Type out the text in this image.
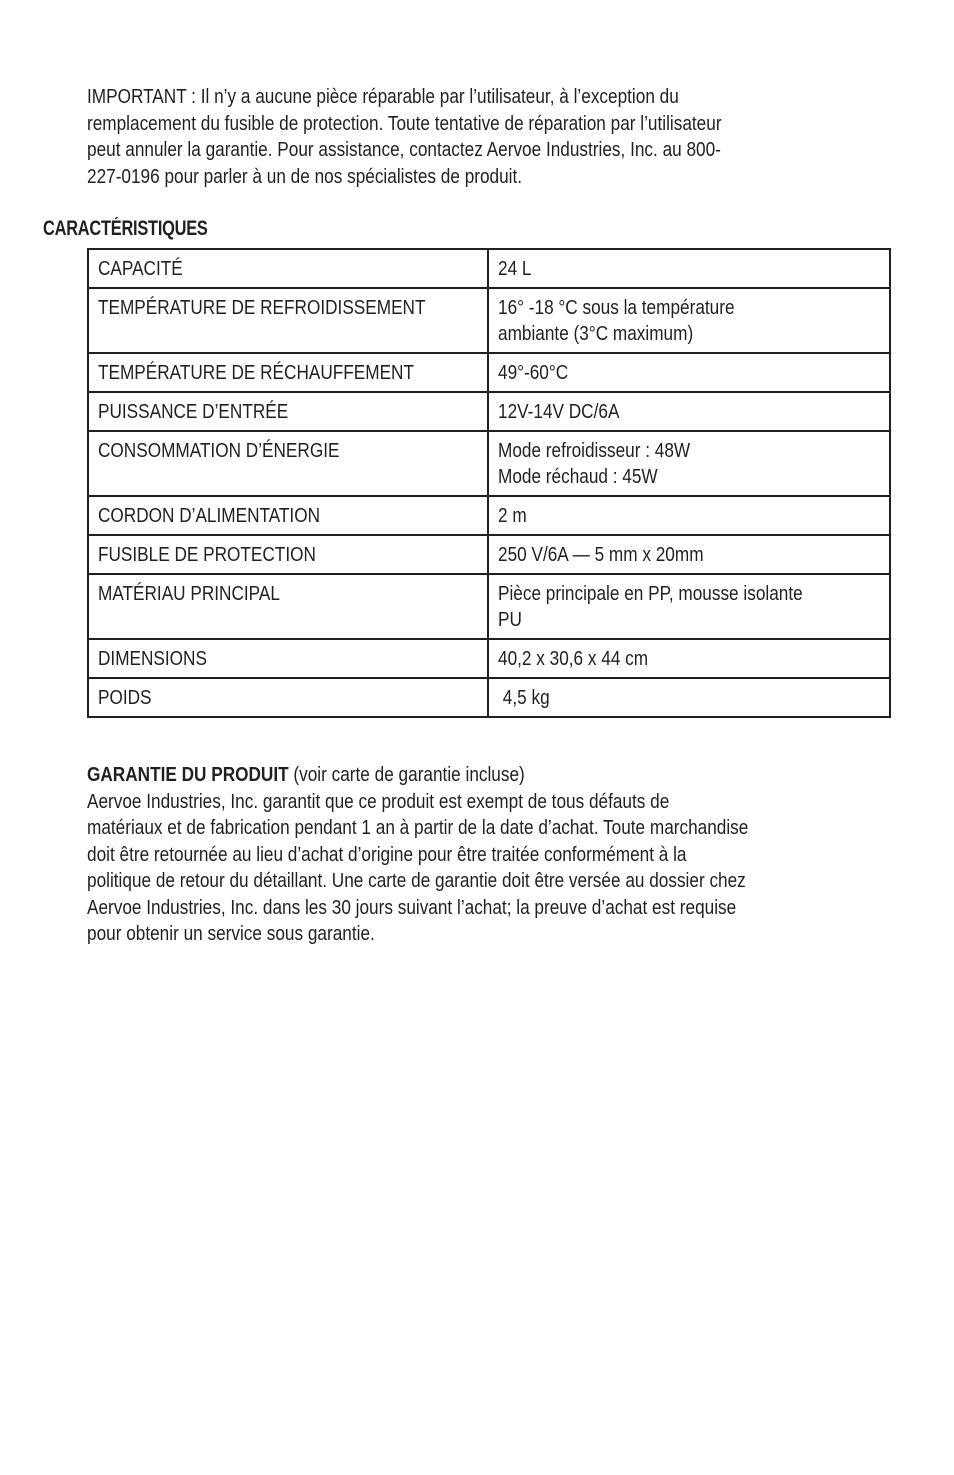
IMPORTANT : Il n’y a aucune pièce réparable par l’utilisateur, à l’exception du
remplacement du fusible de protection. Toute tentative de réparation par l’utilisateur
peut annuler la garantie. Pour assistance, contactez Aervoe Industries, Inc. au 800-
227-0196 pour parler à un de nos spécialistes de produit.
CARACTÉRISTIQUES
CAPACITÉ	24 L

TEMPÉRATURE DE REFROIDISSEMENT	16° -18 °C sous la température
ambiante (3°C maximum)

TEMPÉRATURE DE RÉCHAUFFEMENT	49°-60°C

PUISSANCE D’ENTRÉE	12V-14V DC/6A

CONSOMMATION D’ÉNERGIE	Mode refroidisseur : 48W
Mode réchaud : 45W

CORDON D’ALIMENTATION	2 m

FUSIBLE DE PROTECTION	250 V/6A — 5 mm x 20mm

MATÉRIAU PRINCIPAL	Pièce principale en PP, mousse isolante
PU

DIMENSIONS	40,2 x 30,6 x 44 cm

POIDS	4,5 kg
GARANTIE DU PRODUIT (voir carte de garantie incluse)
Aervoe Industries, Inc. garantit que ce produit est exempt de tous défauts de
matériaux et de fabrication pendant 1 an à partir de la date d’achat. Toute marchandise
doit être retournée au lieu d’achat d’origine pour être traitée conformément à la
politique de retour du détaillant. Une carte de garantie doit être versée au dossier chez
Aervoe Industries, Inc. dans les 30 jours suivant l’achat; la preuve d’achat est requise
pour obtenir un service sous garantie.
